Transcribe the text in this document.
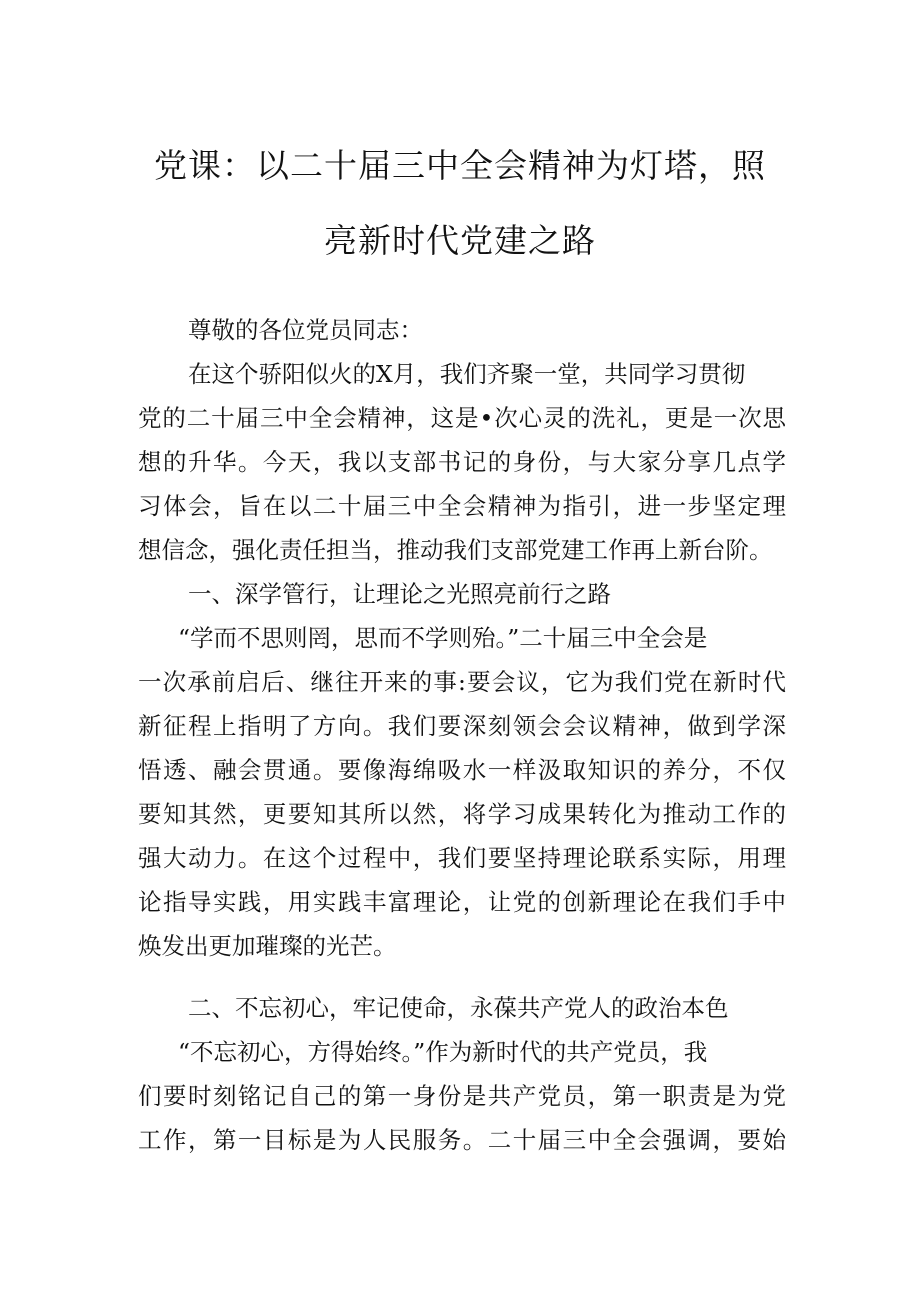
党课：以二十届三中全会精神为灯塔，照
亮新时代党建之路
尊敬的各位党员同志：
在这个骄阳似火的X月，我们齐聚一堂，共同学习贯彻
党的二十届三中全会精神，这是•次心灵的洗礼，更是一次思
想的升华。今天，我以支部书记的身份，与大家分享几点学
习体会，旨在以二十届三中全会精神为指引，进一步坚定理
想信念，强化责任担当，推动我们支部党建工作再上新台阶。
一、深学管行，让理论之光照亮前行之路
“学而不思则罔，思而不学则殆。”二十届三中全会是
一次承前启后、继往开来的事:要会议，它为我们党在新时代
新征程上指明了方向。我们要深刻领会会议精神，做到学深
悟透、融会贯通。要像海绵吸水一样汲取知识的养分，不仅
要知其然，更要知其所以然，将学习成果转化为推动工作的
强大动力。在这个过程中，我们要坚持理论联系实际，用理
论指导实践，用实践丰富理论，让党的创新理论在我们手中
焕发出更加璀璨的光芒。
二、不忘初心，牢记使命，永葆共产党人的政治本色
“不忘初心，方得始终。”作为新时代的共产党员，我
们要时刻铭记自己的第一身份是共产党员，第一职责是为党
工作，第一目标是为人民服务。二十届三中全会强调，要始
